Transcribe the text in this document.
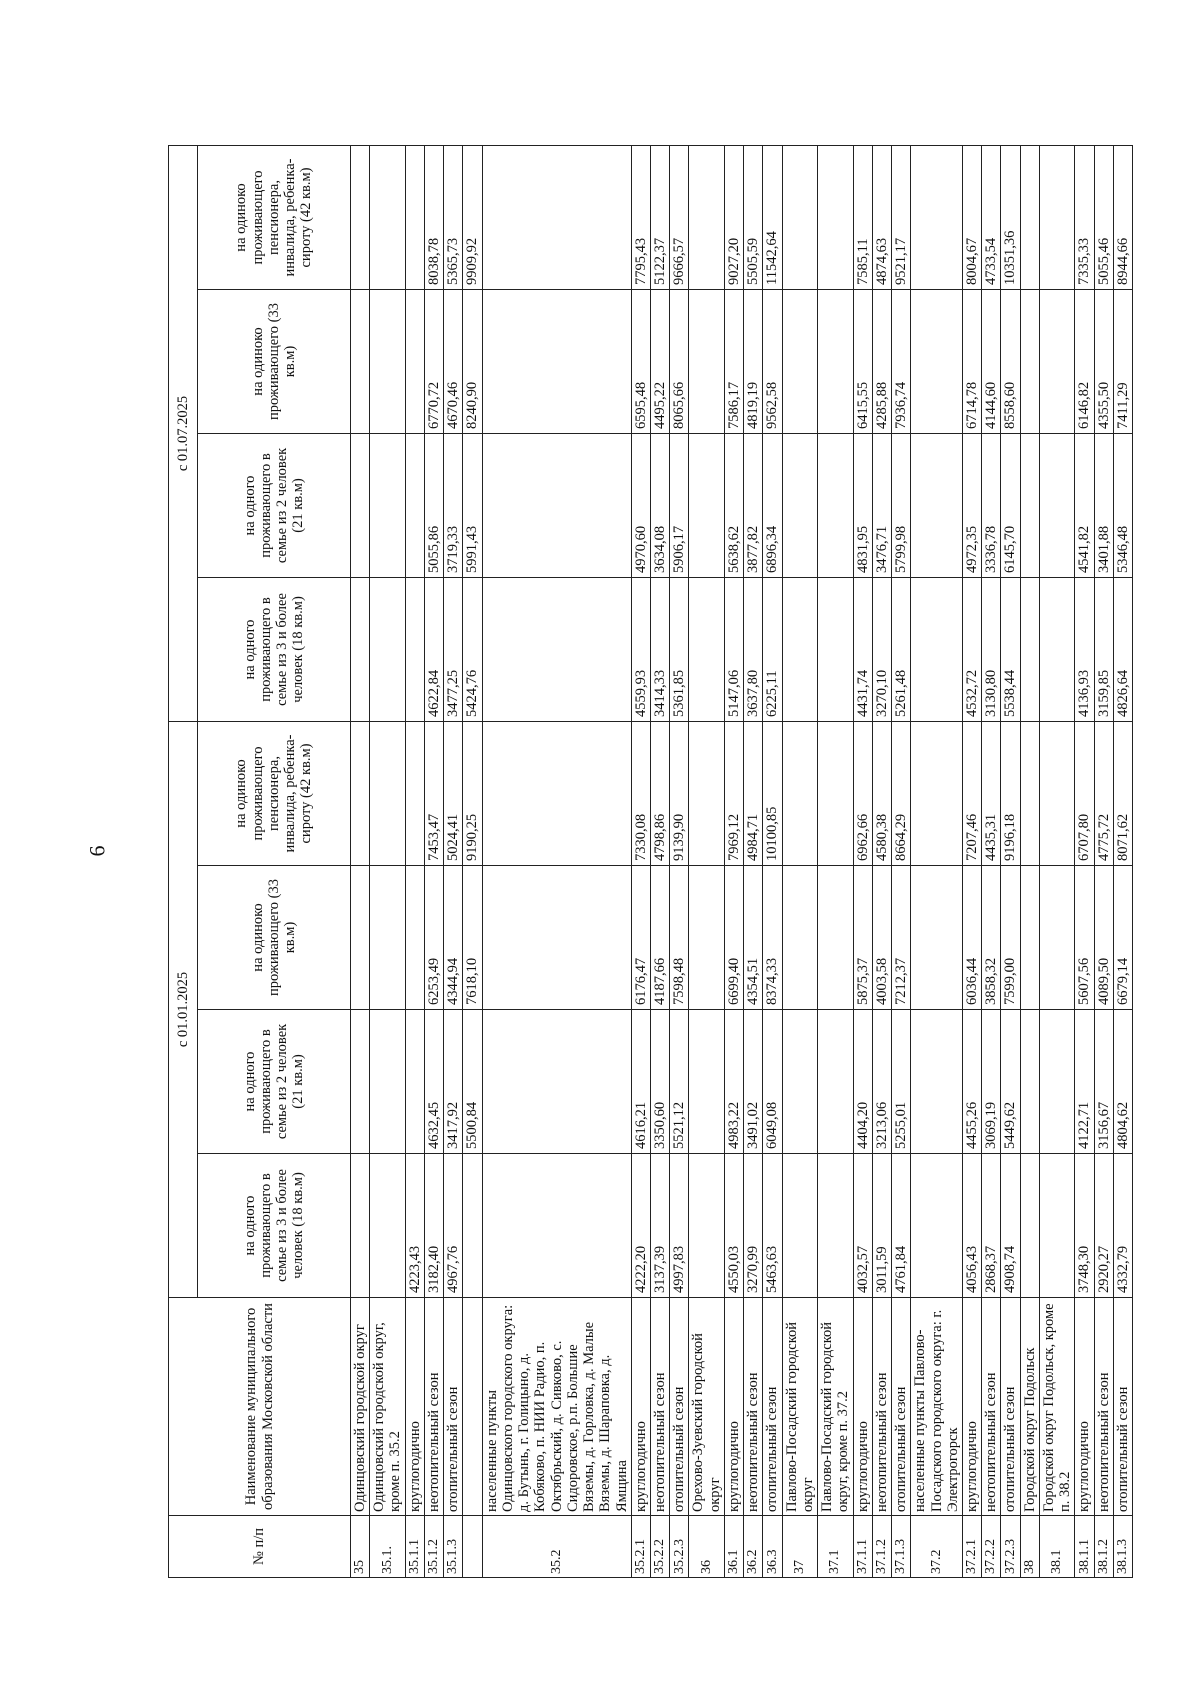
6
№ п/п	Наименование муниципального образования Московской области	с 01.01.2025				с 01.07.2025			
		на одного проживающего в семье из 3 и более человек (18 кв.м)	на одного проживающего в семье из 2 человек (21 кв.м)	на одиноко проживающего (33 кв.м)	на одиноко проживающего пенсионера, инвалида, ребенка-сироту (42 кв.м)	на одного проживающего в семье из 3 и более человек (18 кв.м)	на одного проживающего в семье из 2 человек (21 кв.м)	на одиноко проживающего (33 кв.м)	на одиноко проживающего пенсионера, инвалида, ребенка-сироту (42 кв.м)
35	Одинцовский городской округ								
35.1.	Одинцовский городской округ, кроме п. 35.2								
35.1.1	круглогодично	4223,43							
35.1.2	неотопительный сезон	3182,40	4632,45	6253,49	7453,47	4622,84	5055,86	6770,72	8038,78
35.1.3	отопительный сезон	4967,76	3417,92	4344,94	5024,41	3477,25	3719,33	4670,46	5365,73
			5500,84	7618,10	9190,25	5424,76	5991,43	8240,90	9909,92
35.2	населенные пункты Одинцовского городского округа: д. Бутынь, г. Голицыно, д. Кобяково, п. НИИ Радио, п. Октябрьский, д. Сивково, с. Сидоровское, р.п. Большие Вяземы, д. Горловка, д. Малые Вяземы, д. Шараповка, д. Ямщина								
35.2.1	круглогодично	4222,20	4616,21	6176,47	7330,08	4559,93	4970,60	6595,48	7795,43
35.2.2	неотопительный сезон	3137,39	3350,60	4187,66	4798,86	3414,33	3634,08	4495,22	5122,37
35.2.3	отопительный сезон	4997,83	5521,12	7598,48	9139,90	5361,85	5906,17	8065,66	9666,57
36	Орехово-Зуевский городской округ								
36.1	круглогодично	4550,03	4983,22	6699,40	7969,12	5147,06	5638,62	7586,17	9027,20
36.2	неотопительный сезон	3270,99	3491,02	4354,51	4984,71	3637,80	3877,82	4819,19	5505,59
36.3	отопительный сезон	5463,63	6049,08	8374,33	10100,85	6225,11	6896,34	9562,58	11542,64
37	Павлово-Посадский городской округ								
37.1	Павлово-Посадский городской округ, кроме п. 37.2								
37.1.1	круглогодично	4032,57	4404,20	5875,37	6962,66	4431,74	4831,95	6415,55	7585,11
37.1.2	неотопительный сезон	3011,59	3213,06	4003,58	4580,38	3270,10	3476,71	4285,88	4874,63
37.1.3	отопительный сезон	4761,84	5255,01	7212,37	8664,29	5261,48	5799,98	7936,74	9521,17
37.2	населенные пункты Павлово-Посадского городского округа: г. Электрогорск								
37.2.1	круглогодично	4056,43	4455,26	6036,44	7207,46	4532,72	4972,35	6714,78	8004,67
37.2.2	неотопительный сезон	2868,37	3069,19	3858,32	4435,31	3130,80	3336,78	4144,60	4733,54
37.2.3	отопительный сезон	4908,74	5449,62	7599,00	9196,18	5538,44	6145,70	8558,60	10351,36
38	Городской округ Подольск								
38.1	Городской округ Подольск, кроме п. 38.2								
38.1.1	круглогодично	3748,30	4122,71	5607,56	6707,80	4136,93	4541,82	6146,82	7335,33
38.1.2	неотопительный сезон	2920,27	3156,67	4089,50	4775,72	3159,85	3401,88	4355,50	5055,46
38.1.3	отопительный сезон	4332,79	4804,62	6679,14	8071,62	4826,64	5346,48	7411,29	8944,66
